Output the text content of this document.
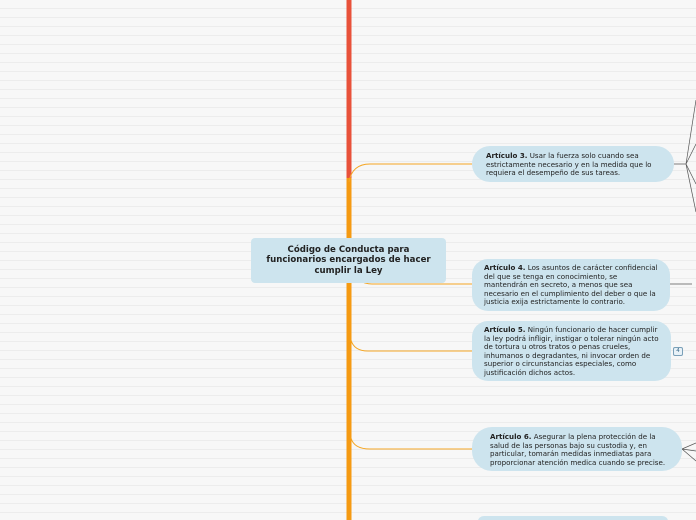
Código de Conducta para funcionarios encargados de hacer cumplir la Ley
Artículo 3. Usar la fuerza solo cuando sea estrictamente necesario y en la medida que lo requiera el desempeño de sus tareas.
Artículo 4. Los asuntos de carácter confidencial del que se tenga en conocimiento, se mantendrán en secreto, a menos que sea necesario en el cumplimiento del deber o que la justicia exija estrictamente lo contrario.
Artículo 5. Ningún funcionario de hacer cumplir la ley podrá infligir, instigar o tolerar ningún acto de tortura u otros tratos o penas crueles, inhumanos o degradantes, ni invocar orden de superior o circunstancias especiales, como justificación dichos actos.
4
Artículo 6. Asegurar la plena protección de la salud de las personas bajo su custodia y, en particular, tomarán medidas inmediatas para proporcionar atención medica cuando se precise.
